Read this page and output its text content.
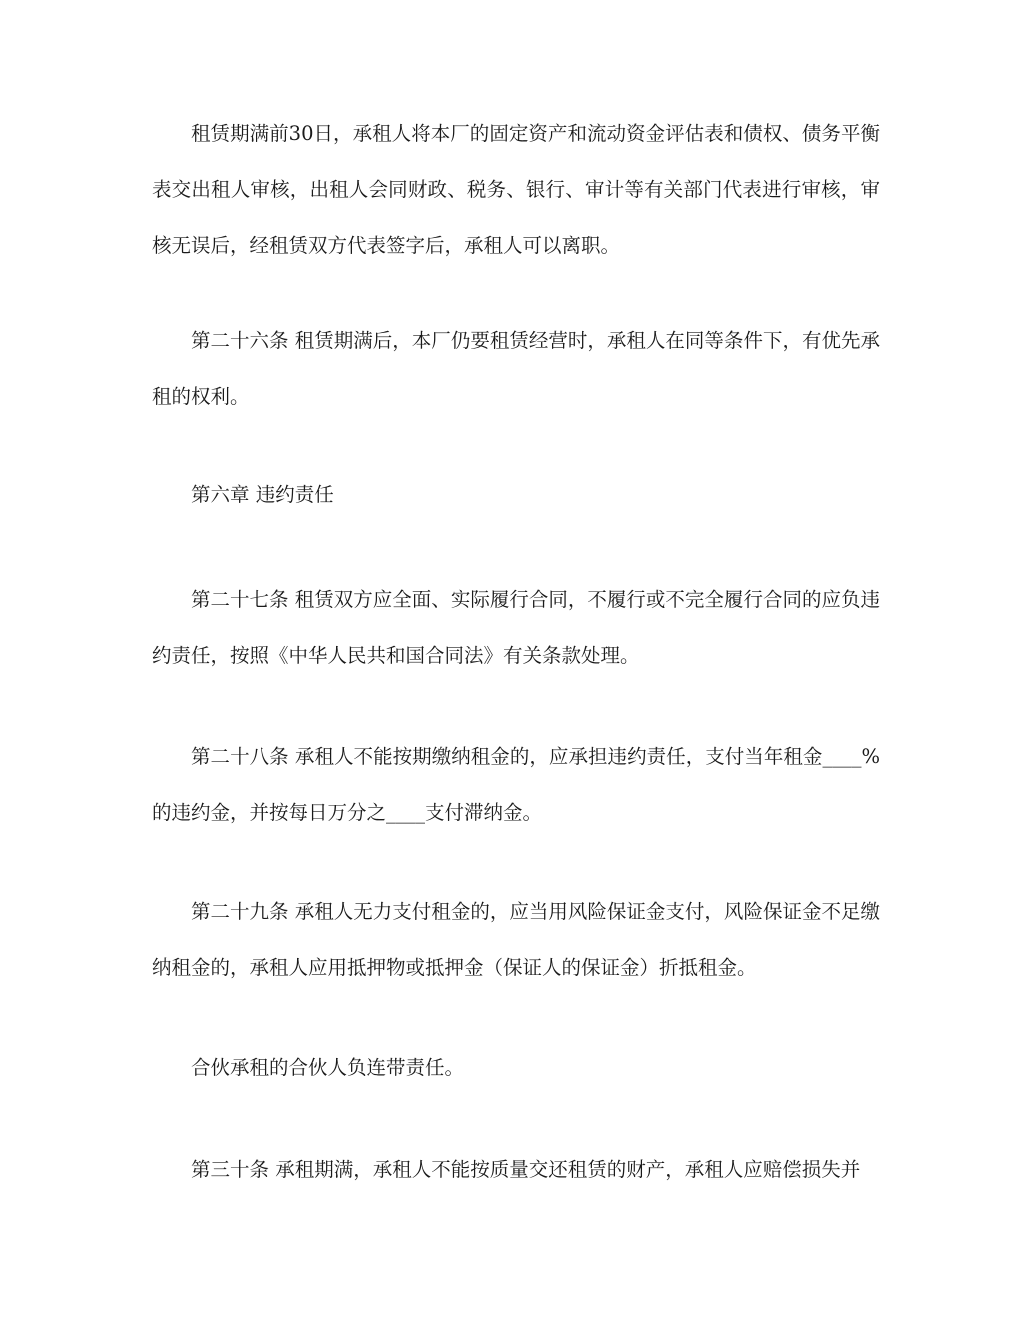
租赁期满前30日，承租人将本厂的固定资产和流动资金评估表和债权、债务平衡表交出租人审核，出租人会同财政、税务、银行、审计等有关部门代表进行审核，审核无误后，经租赁双方代表签字后，承租人可以离职。

第二十六条 租赁期满后，本厂仍要租赁经营时，承租人在同等条件下，有优先承租的权利。

第六章 违约责任

第二十七条 租赁双方应全面、实际履行合同，不履行或不完全履行合同的应负违约责任，按照《中华人民共和国合同法》有关条款处理。

第二十八条 承租人不能按期缴纳租金的，应承担违约责任，支付当年租金____%的违约金，并按每日万分之____支付滞纳金。

第二十九条 承租人无力支付租金的，应当用风险保证金支付，风险保证金不足缴纳租金的，承租人应用抵押物或抵押金（保证人的保证金）折抵租金。

合伙承租的合伙人负连带责任。

第三十条 承租期满，承租人不能按质量交还租赁的财产，承租人应赔偿损失并
